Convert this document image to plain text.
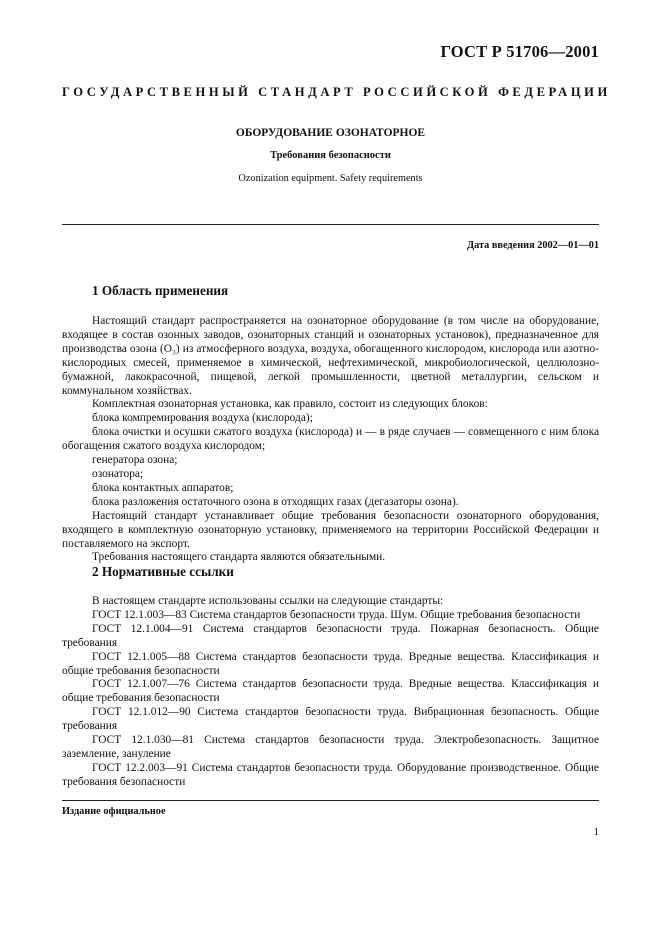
ГОСТ Р 51706—2001
ГОСУДАРСТВЕННЫЙ СТАНДАРТ РОССИЙСКОЙ ФЕДЕРАЦИИ
ОБОРУДОВАНИЕ ОЗОНАТОРНОЕ
Требования безопасности
Ozonization equipment. Safety requirements
Дата введения 2002—01—01
1 Область применения

Настоящий стандарт распространяется на озонаторное оборудование (в том числе на оборудование, входящее в состав озонных заводов, озонаторных станций и озонаторных установок), предназначенное для производства озона (O₃) из атмосферного воздуха, воздуха, обогащенного кислородом, кислорода или азотно-кислородных смесей, применяемое в химической, нефтехимической, микробиологической, целлюлозно-бумажной, лакокрасочной, пищевой, легкой промышленности, цветной металлургии, сельском и коммунальном хозяйствах.

Комплектная озонаторная установка, как правило, состоит из следующих блоков:

блока компремирования воздуха (кислорода);

блока очистки и осушки сжатого воздуха (кислорода) и — в ряде случаев — совмещенного с ним блока обогащения сжатого воздуха кислородом;

генератора озона;

озонатора;

блока контактных аппаратов;

блока разложения остаточного озона в отходящих газах (дегазаторы озона).

Настоящий стандарт устанавливает общие требования безопасности озонаторного оборудования, входящего в комплектную озонаторную установку, применяемого на территории Российской Федерации и поставляемого на экспорт.

Требования настоящего стандарта являются обязательными.

2 Нормативные ссылки

В настоящем стандарте использованы ссылки на следующие стандарты:

ГОСТ 12.1.003—83 Система стандартов безопасности труда. Шум. Общие требования безопасности

ГОСТ 12.1.004—91 Система стандартов безопасности труда. Пожарная безопасность. Общие требования

ГОСТ 12.1.005—88 Система стандартов безопасности труда. Вредные вещества. Классификация и общие требования безопасности

ГОСТ 12.1.007—76 Система стандартов безопасности труда. Вредные вещества. Классификация и общие требования безопасности

ГОСТ 12.1.012—90 Система стандартов безопасности труда. Вибрационная безопасность. Общие требования

ГОСТ 12.1.030—81 Система стандартов безопасности труда. Электробезопасность. Защитное заземление, зануление

ГОСТ 12.2.003—91 Система стандартов безопасности труда. Оборудование производственное. Общие требования безопасности

Издание официальное
1
